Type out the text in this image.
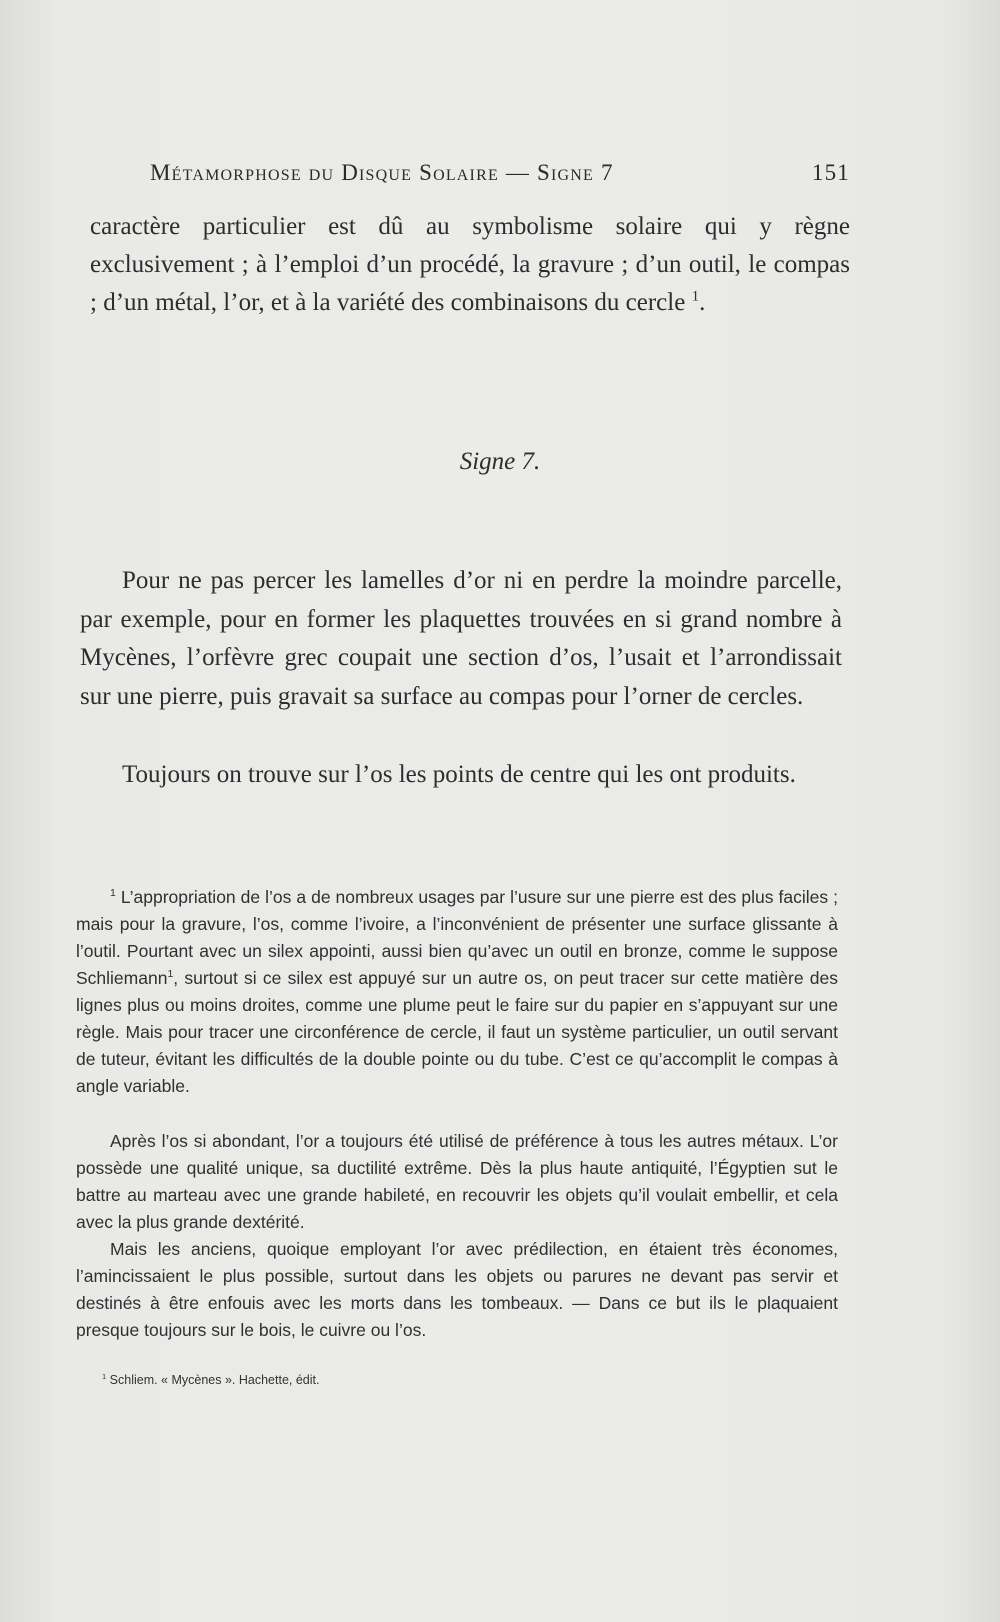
Métamorphose du Disque Solaire — Signe 7	151
caractère particulier est dû au symbolisme solaire qui y règne exclusivement ; à l’emploi d’un procédé, la gravure ; d’un outil, le compas ; d’un métal, l’or, et à la variété des combinaisons du cercle $^1$.
Signe 7.
Pour ne pas percer les lamelles d’or ni en perdre la moindre parcelle, par exemple, pour en former les plaquettes trouvées en si grand nombre à Mycènes, l’orfèvre grec coupait une section d’os, l’usait et l’arrondissait sur une pierre, puis gravait sa surface au compas pour l’orner de cercles.
Toujours on trouve sur l’os les points de centre qui les ont produits.
$^1$ L’appropriation de l’os a de nombreux usages par l’usure sur une pierre est des plus faciles ; mais pour la gravure, l’os, comme l’ivoire, a l’inconvénient de présenter une surface glissante à l’outil. Pourtant avec un silex appointi, aussi bien qu’avec un outil en bronze, comme le suppose Schliemann$^1$, surtout si ce silex est appuyé sur un autre os, on peut tracer sur cette matière des lignes plus ou moins droites, comme une plume peut le faire sur du papier en s’appuyant sur une règle. Mais pour tracer une circonférence de cercle, il faut un système particulier, un outil servant de tuteur, évitant les difficultés de la double pointe ou du tube. C’est ce qu’accomplit le compas à angle variable.
Après l’os si abondant, l’or a toujours été utilisé de préférence à tous les autres métaux. L’or possède une qualité unique, sa ductilité extrême. Dès la plus haute antiquité, l’Égyptien sut le battre au marteau avec une grande habileté, en recouvrir les objets qu’il voulait embellir, et cela avec la plus grande dextérité.
Mais les anciens, quoique employant l’or avec prédilection, en étaient très économes, l’amincissaient le plus possible, surtout dans les objets ou parures ne devant pas servir et destinés à être enfouis avec les morts dans les tombeaux. — Dans ce but ils le plaquaient presque toujours sur le bois, le cuivre ou l’os.
$^1$ Schliem. « Mycènes ». Hachette, édit.
